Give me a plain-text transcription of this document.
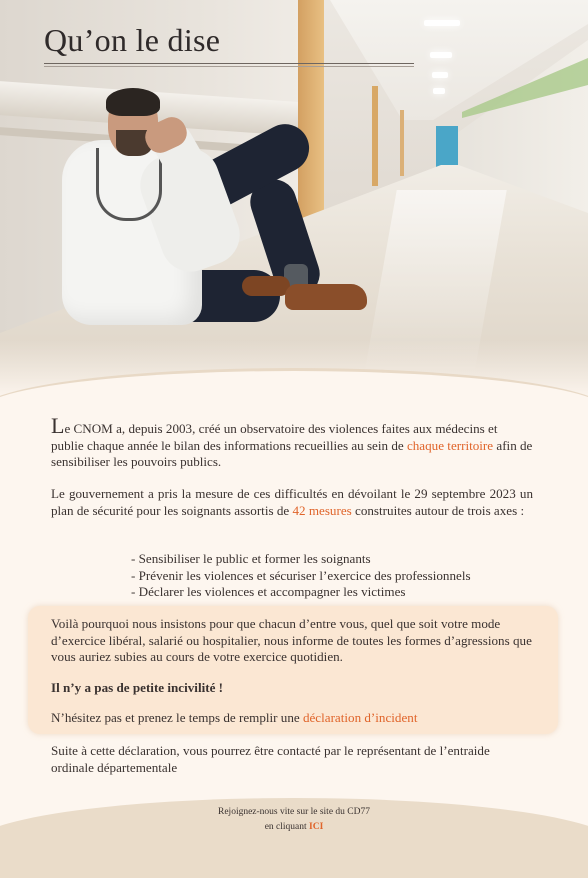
Qu’on le dise

Le CNOM a, depuis 2003, créé un observatoire des violences faites aux médecins et publie chaque année le bilan des informations recueillies au sein de chaque territoire afin de sensibiliser les pouvoirs publics.

Le gouvernement a pris la mesure de ces difficultés en dévoilant le 29 septembre 2023 un plan de sécurité pour les soignants assortis de 42 mesures construites autour de trois axes :

- Sensibiliser le public et former les soignants
- Prévenir les violences et sécuriser l’exercice des professionnels
- Déclarer les violences et accompagner les victimes

Voilà pourquoi nous insistons pour que chacun d’entre vous, quel que soit votre mode d’exercice libéral, salarié ou hospitalier, nous informe de toutes les formes d’agressions que vous auriez subies au cours de votre exercice quotidien.

Il n’y a pas de petite incivilité !

N’hésitez pas et prenez le temps de remplir une déclaration d’incident

Suite à cette déclaration, vous pourrez être contacté par le représentant de l’entraide ordinale départementale

Rejoignez-nous vite sur le site du CD77
en cliquant ICI
